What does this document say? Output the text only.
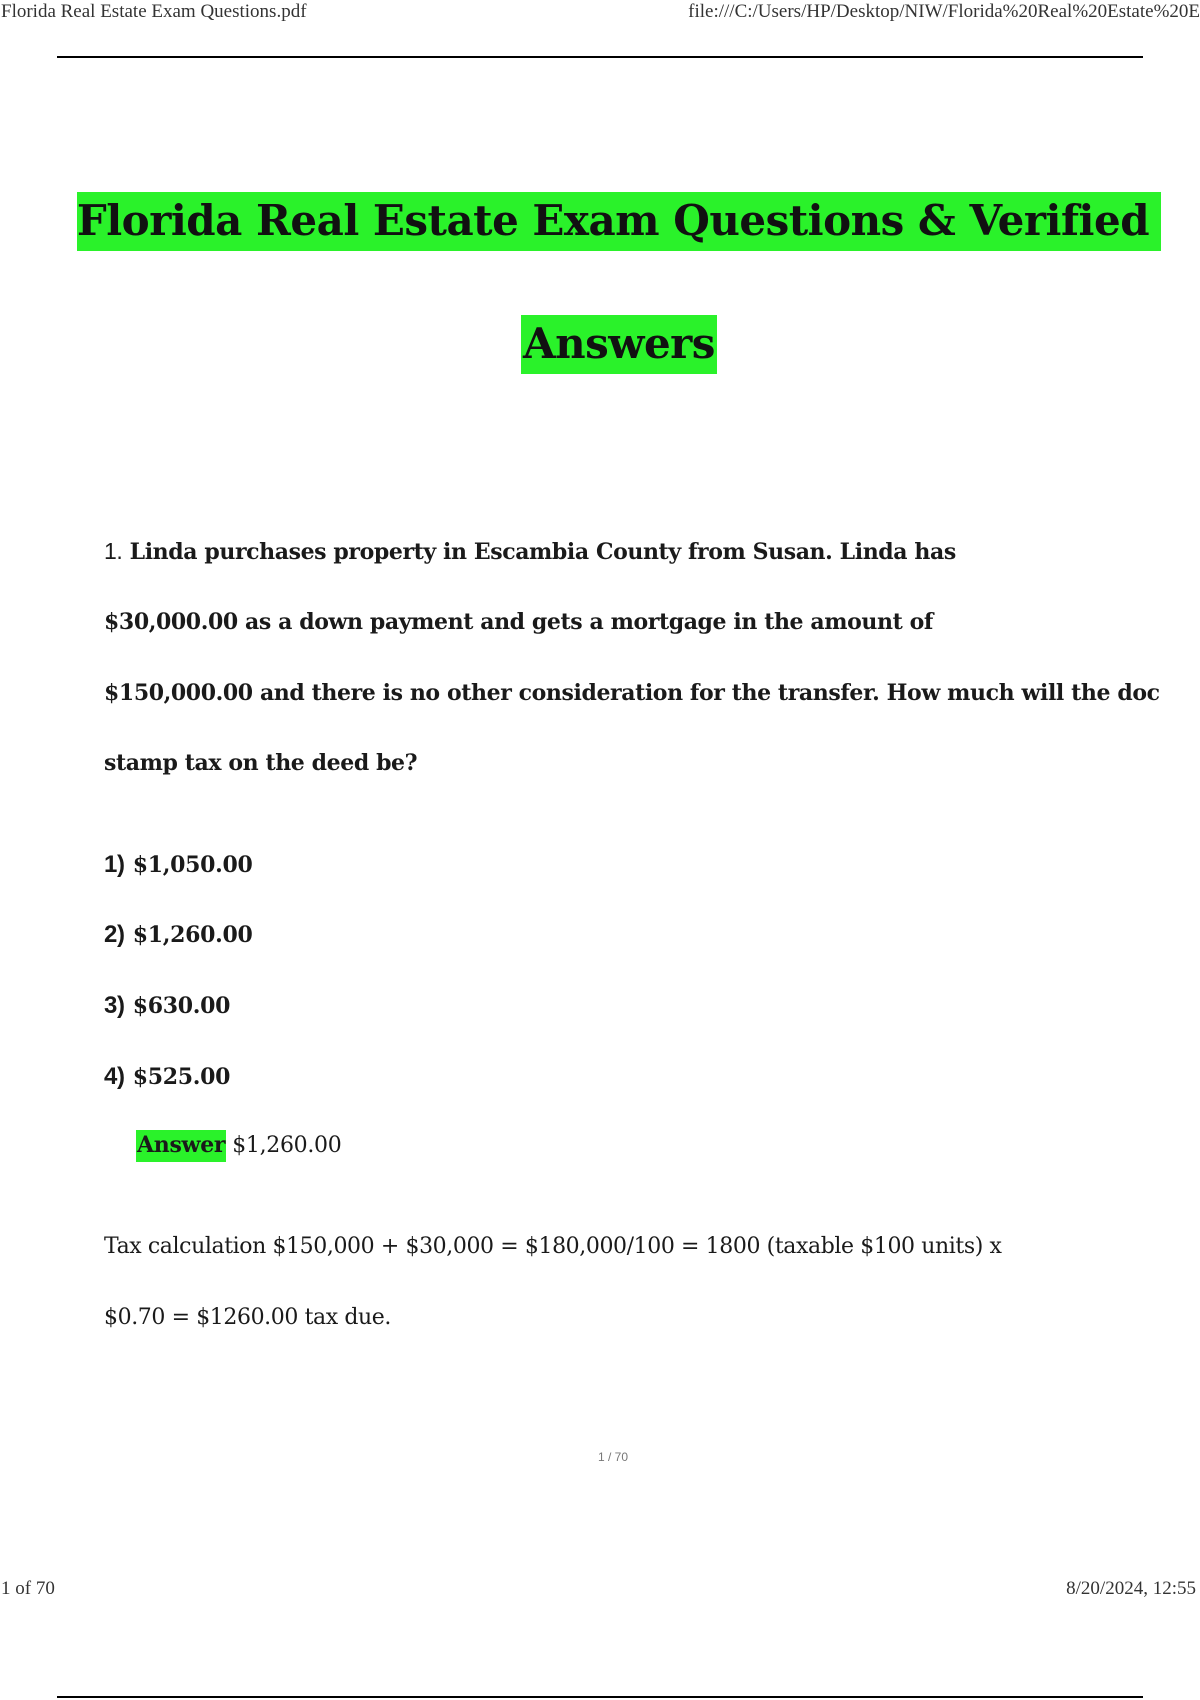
Florida Real Estate Exam Questions.pdf	file:///C:/Users/HP/Desktop/NIW/Florida%20Real%20Estate%20E
Florida Real Estate Exam Questions & Verified
Answers
1. Linda purchases property in Escambia County from Susan. Linda has
$30,000.00 as a down payment and gets a mortgage in the amount of
$150,000.00 and there is no other consideration for the transfer. How much will the doc
stamp tax on the deed be?
1) $1,050.00
2) $1,260.00
3) $630.00
4) $525.00
Answer $1,260.00
Tax calculation $150,000 + $30,000 = $180,000/100 = 1800 (taxable $100 units) x
$0.70 = $1260.00 tax due.
1 / 70
1 of 70	8/20/2024, 12:55
